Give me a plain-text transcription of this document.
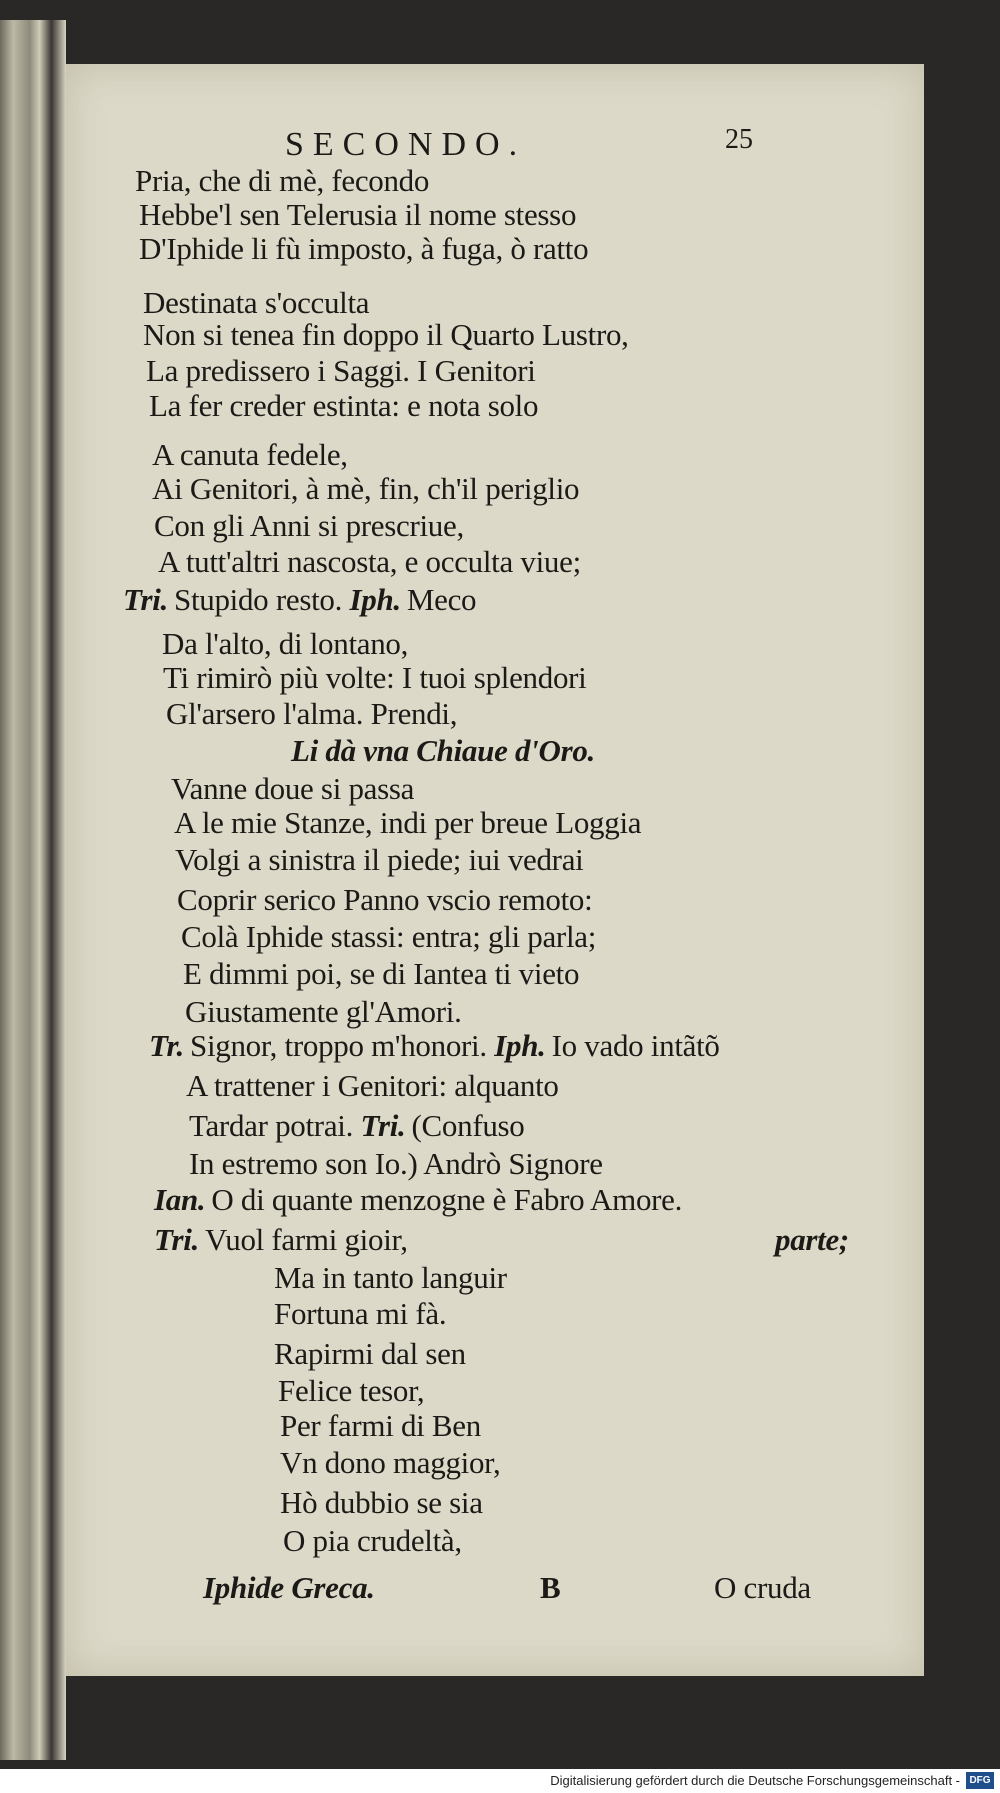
SECONDO.	25
Pria, che di mè, fecondo
Hebbe'l sen Telerusia il nome stesso
D'Iphide li fù imposto, à fuga, ò ratto
Destinata s'occulta
Non si tenea fin doppo il Quarto Lustro,
La predissero i Saggi. I Genitori
La fer creder estinta: e nota solo
A canuta fedele,
Ai Genitori, à mè, fin, ch'il periglio
Con gli Anni si prescriue,
A tutt'altri nascosta, e occulta viue;
Tri. Stupido resto. Iph. Meco
Da l'alto, di lontano,
Ti rimirò più volte: I tuoi splendori
Gl'arsero l'alma. Prendi,
Li dà vna Chiaue d'Oro.
Vanne doue si passa
A le mie Stanze, indi per breue Loggia
Volgi a sinistra il piede; iui vedrai
Coprir serico Panno vscio remoto:
Colà Iphide stassi: entra; gli parla;
E dimmi poi, se di Iantea ti vieto
Giustamente gl'Amori.
Tr. Signor, troppo m'honori. Iph. Io vado intãtõ
A trattener i Genitori: alquanto
Tardar potrai. Tri. (Confuso
In estremo son Io.) Andrò Signore
Ian. O di quante menzogne è Fabro Amore.
Tri. Vuol farmi gioir,	parte;
Ma in tanto languir
Fortuna mi fà.
Rapirmi dal sen
Felice tesor,
Per farmi di Ben
Vn dono maggior,
Hò dubbio se sia
O pia crudeltà,
Iphide Greca.	B	O cruda
Digitalisierung gefördert durch die Deutsche Forschungsgemeinschaft - DFG
